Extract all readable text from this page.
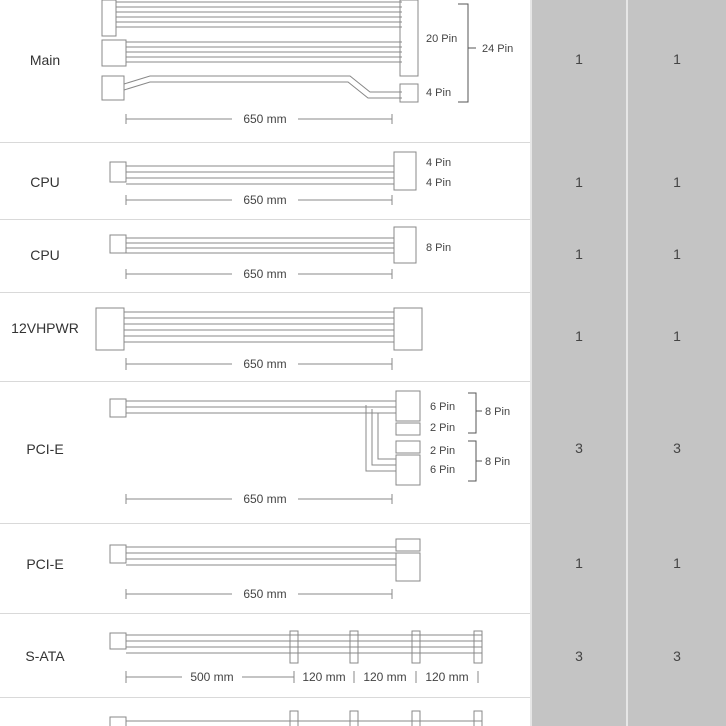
Main
20 Pin
4 Pin
24 Pin
650 mm
1	1
CPU
4 Pin
4 Pin
650 mm
1	1
CPU	8 Pin
650 mm
1	1
12VHPWR
650 mm
1	1
PCI-E
6 Pin
2 Pin
2 Pin
6 Pin
8 Pin
8 Pin
650 mm
3	3
PCI-E
650 mm
1	1
S-ATA
500 mm	120 mm 120 mm 120 mm
3	3
